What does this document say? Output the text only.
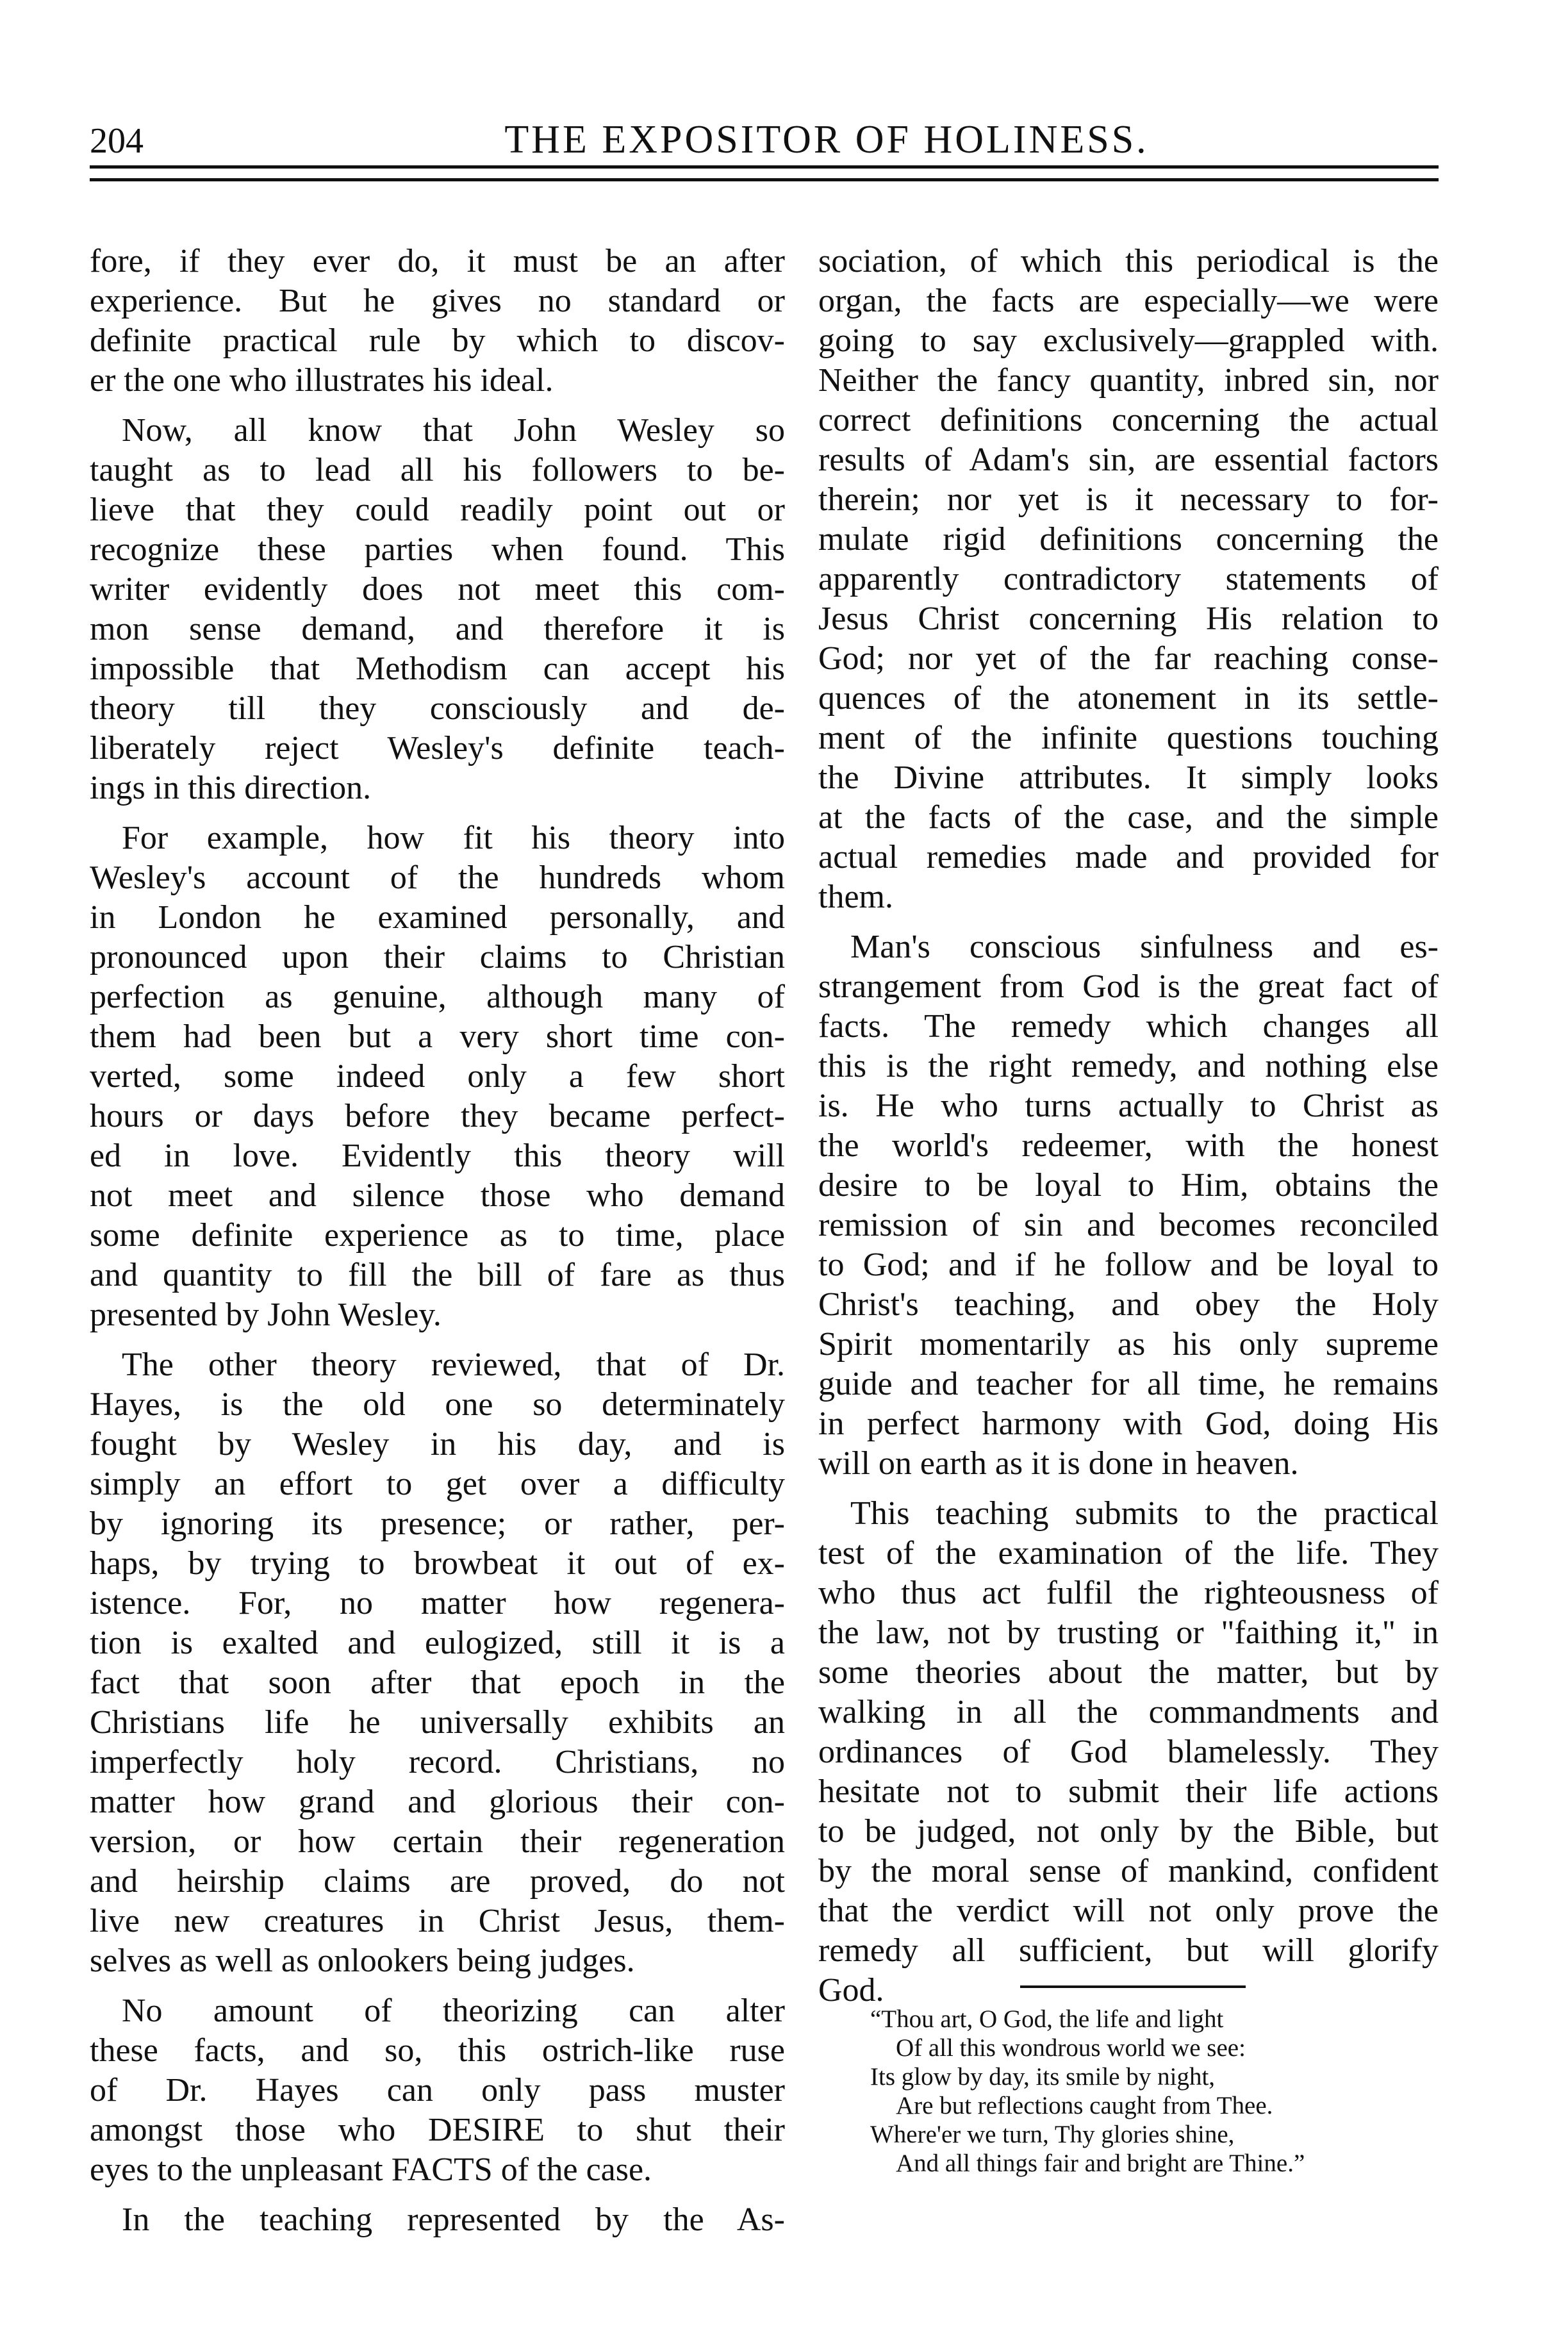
204	THE EXPOSITOR OF HOLINESS.
fore, if they ever do, it must be an after
experience. But he gives no standard or
definite practical rule by which to discov-
er the one who illustrates his ideal.
Now, all know that John Wesley so
taught as to lead all his followers to be-
lieve that they could readily point out or
recognize these parties when found. This
writer evidently does not meet this com-
mon sense demand, and therefore it is
impossible that Methodism can accept his
theory till they consciously and de-
liberately reject Wesley's definite teach-
ings in this direction.
For example, how fit his theory into
Wesley's account of the hundreds whom
in London he examined personally, and
pronounced upon their claims to Christian
perfection as genuine, although many of
them had been but a very short time con-
verted, some indeed only a few short
hours or days before they became perfect-
ed in love. Evidently this theory will
not meet and silence those who demand
some definite experience as to time, place
and quantity to fill the bill of fare as thus
presented by John Wesley.
The other theory reviewed, that of Dr.
Hayes, is the old one so determinately
fought by Wesley in his day, and is
simply an effort to get over a difficulty
by ignoring its presence; or rather, per-
haps, by trying to browbeat it out of ex-
istence. For, no matter how regenera-
tion is exalted and eulogized, still it is a
fact that soon after that epoch in the
Christians life he universally exhibits an
imperfectly holy record. Christians, no
matter how grand and glorious their con-
version, or how certain their regeneration
and heirship claims are proved, do not
live new creatures in Christ Jesus, them-
selves as well as onlookers being judges.
No amount of theorizing can alter
these facts, and so, this ostrich-like ruse
of Dr. Hayes can only pass muster
amongst those who DESIRE to shut their
eyes to the unpleasant FACTS of the case.
In the teaching represented by the As-
sociation, of which this periodical is the
organ, the facts are especially—we were
going to say exclusively—grappled with.
Neither the fancy quantity, inbred sin, nor
correct definitions concerning the actual
results of Adam's sin, are essential factors
therein; nor yet is it necessary to for-
mulate rigid definitions concerning the
apparently contradictory statements of
Jesus Christ concerning His relation to
God; nor yet of the far reaching conse-
quences of the atonement in its settle-
ment of the infinite questions touching
the Divine attributes. It simply looks
at the facts of the case, and the simple
actual remedies made and provided for
them.
Man's conscious sinfulness and es-
strangement from God is the great fact of
facts. The remedy which changes all
this is the right remedy, and nothing else
is. He who turns actually to Christ as
the world's redeemer, with the honest
desire to be loyal to Him, obtains the
remission of sin and becomes reconciled
to God; and if he follow and be loyal to
Christ's teaching, and obey the Holy
Spirit momentarily as his only supreme
guide and teacher for all time, he remains
in perfect harmony with God, doing His
will on earth as it is done in heaven.
This teaching submits to the practical
test of the examination of the life. They
who thus act fulfil the righteousness of
the law, not by trusting or "faithing it," in
some theories about the matter, but by
walking in all the commandments and
ordinances of God blamelessly. They
hesitate not to submit their life actions
to be judged, not only by the Bible, but
by the moral sense of mankind, confident
that the verdict will not only prove the
remedy all sufficient, but will glorify
God.
“Thou art, O God, the life and light
Of all this wondrous world we see:
Its glow by day, its smile by night,
Are but reflections caught from Thee.
Where'er we turn, Thy glories shine,
And all things fair and bright are Thine.”
